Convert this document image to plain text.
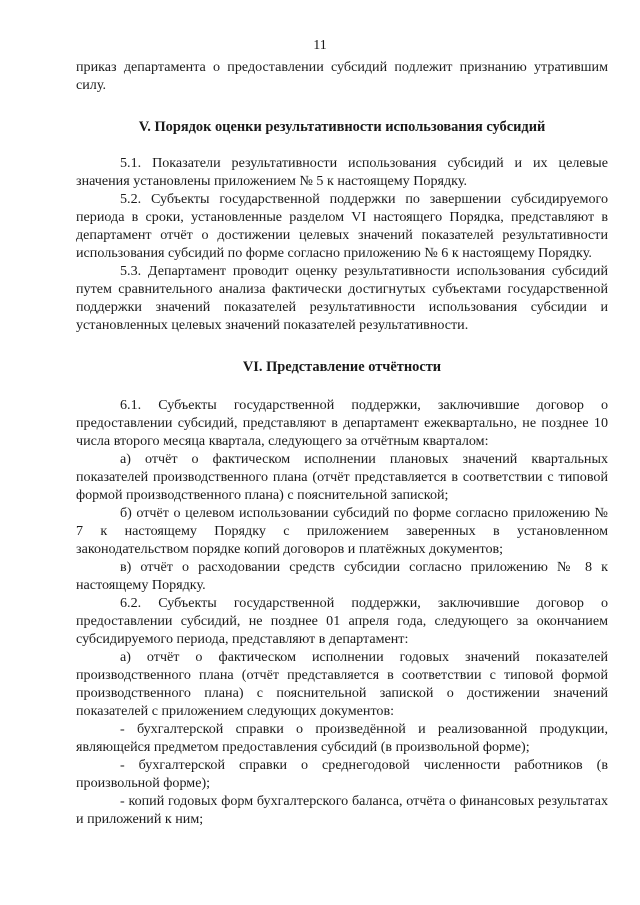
11

приказ департамента о предоставлении субсидий подлежит признанию утратившим силу.

V. Порядок оценки результативности использования субсидий

5.1. Показатели результативности использования субсидий и их целевые значения установлены приложением № 5 к настоящему Порядку.

5.2. Субъекты государственной поддержки по завершении субсидируемого периода в сроки, установленные разделом VI настоящего Порядка, представляют в департамент отчёт о достижении целевых значений показателей результативности использования субсидий по форме согласно приложению № 6 к настоящему Порядку.

5.3. Департамент проводит оценку результативности использования субсидий путем сравнительного анализа фактически достигнутых субъектами государственной поддержки значений показателей результативности использования субсидии и установленных целевых значений показателей результативности.

VI. Представление отчётности

6.1. Субъекты государственной поддержки, заключившие договор о предоставлении субсидий, представляют в департамент ежеквартально, не позднее 10 числа второго месяца квартала, следующего за отчётным кварталом:

а) отчёт о фактическом исполнении плановых значений квартальных показателей производственного плана (отчёт представляется в соответствии с типовой формой производственного плана) с пояснительной запиской;

б) отчёт о целевом использовании субсидий по форме согласно приложению № 7 к настоящему Порядку с приложением заверенных в установленном законодательством порядке копий договоров и платёжных документов;

в) отчёт о расходовании средств субсидии согласно приложению № 8 к настоящему Порядку.

6.2. Субъекты государственной поддержки, заключившие договор о предоставлении субсидий, не позднее 01 апреля года, следующего за окончанием субсидируемого периода, представляют в департамент:

а) отчёт о фактическом исполнении годовых значений показателей производственного плана (отчёт представляется в соответствии с типовой формой производственного плана) с пояснительной запиской о достижении значений показателей с приложением следующих документов:

- бухгалтерской справки о произведённой и реализованной продукции, являющейся предметом предоставления субсидий (в произвольной форме);

- бухгалтерской справки о среднегодовой численности работников (в произвольной форме);

- копий годовых форм бухгалтерского баланса, отчёта о финансовых результатах и приложений к ним;
